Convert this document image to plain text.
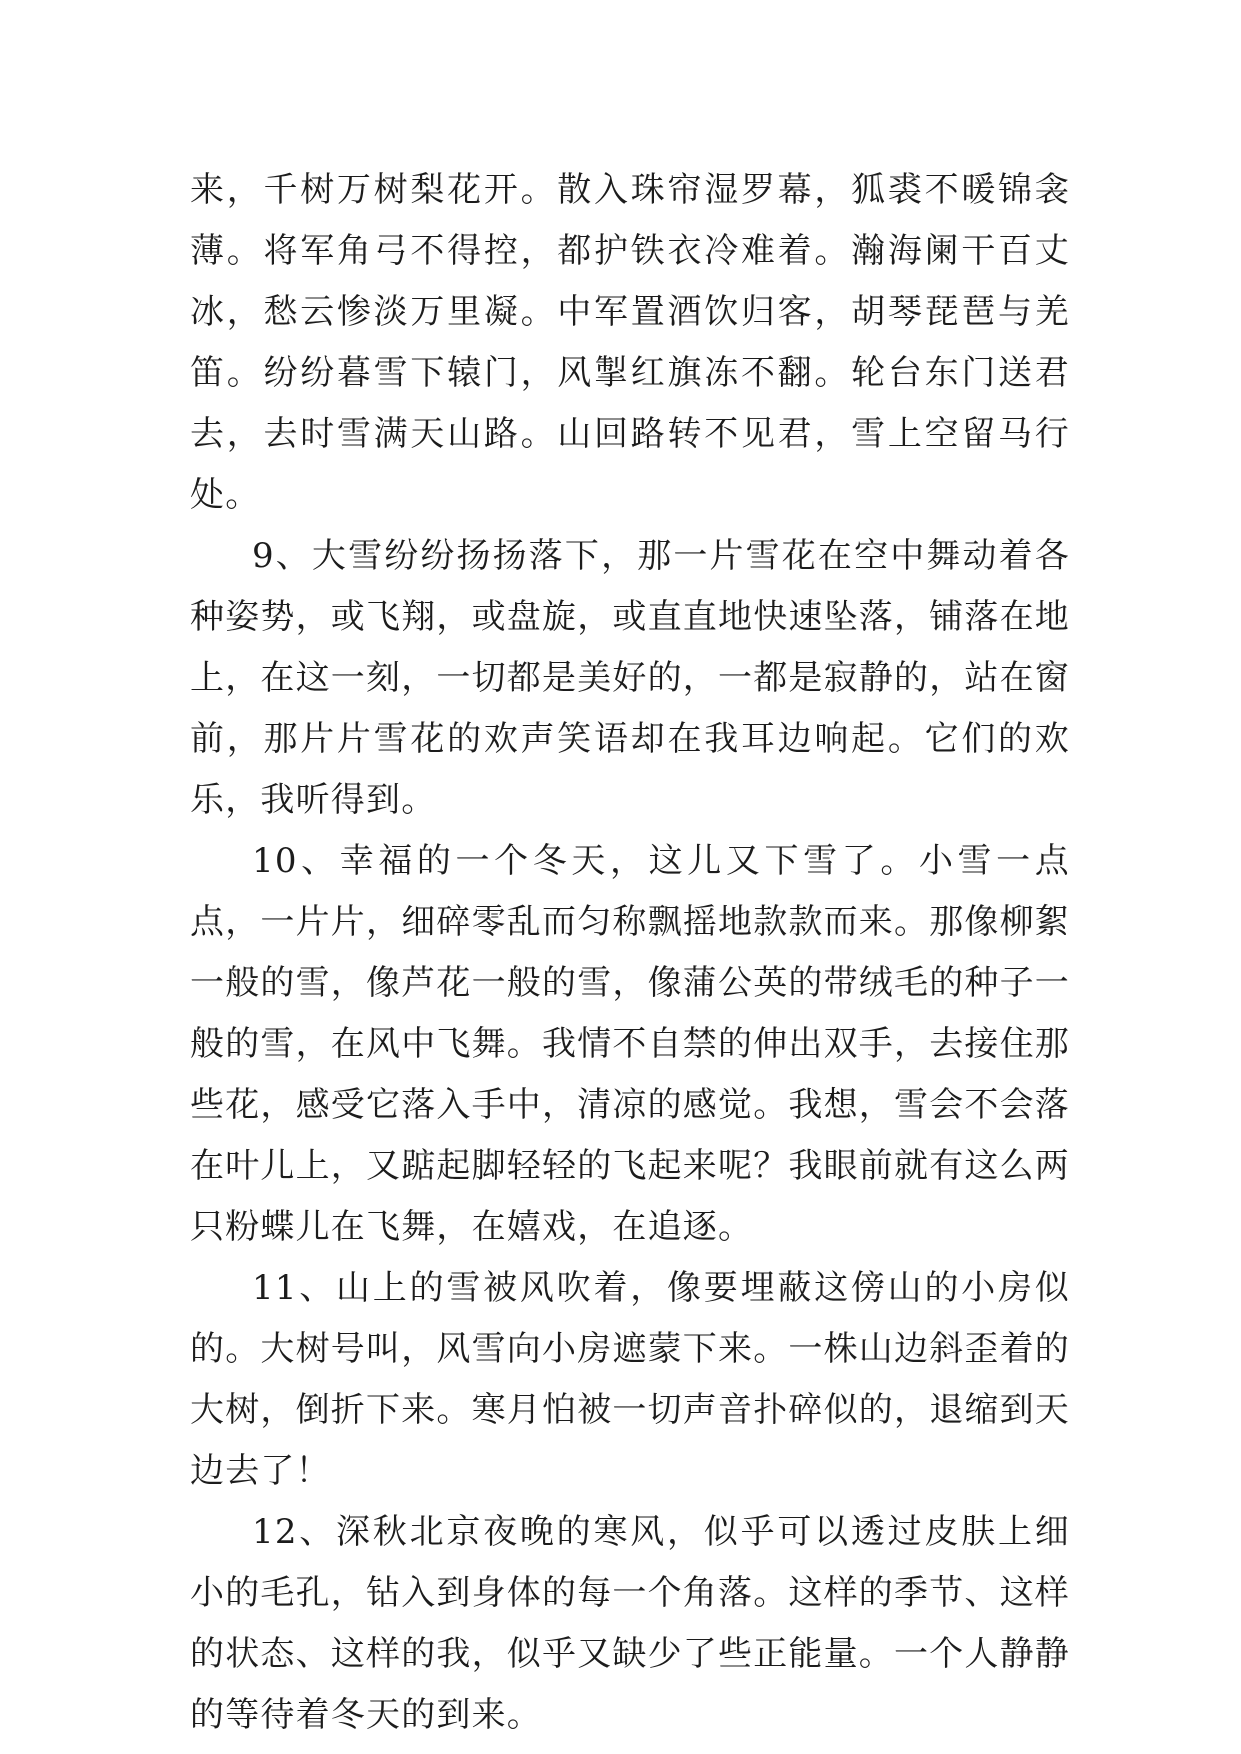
来，千树万树梨花开。散入珠帘湿罗幕，狐裘不暖锦衾薄。将军角弓不得控，都护铁衣冷难着。瀚海阑干百丈冰，愁云惨淡万里凝。中军置酒饮归客，胡琴琵琶与羌笛。纷纷暮雪下辕门，风掣红旗冻不翻。轮台东门送君去，去时雪满天山路。山回路转不见君，雪上空留马行处。

9、大雪纷纷扬扬落下，那一片雪花在空中舞动着各种姿势，或飞翔，或盘旋，或直直地快速坠落，铺落在地上，在这一刻，一切都是美好的，一都是寂静的，站在窗前，那片片雪花的欢声笑语却在我耳边响起。它们的欢乐，我听得到。

10、幸福的一个冬天，这儿又下雪了。小雪一点点，一片片，细碎零乱而匀称飘摇地款款而来。那像柳絮一般的雪，像芦花一般的雪，像蒲公英的带绒毛的种子一般的雪，在风中飞舞。我情不自禁的伸出双手，去接住那些花，感受它落入手中，清凉的感觉。我想，雪会不会落在叶儿上，又踮起脚轻轻的飞起来呢？我眼前就有这么两只粉蝶儿在飞舞，在嬉戏，在追逐。

11、山上的雪被风吹着，像要埋蔽这傍山的小房似的。大树号叫，风雪向小房遮蒙下来。一株山边斜歪着的大树，倒折下来。寒月怕被一切声音扑碎似的，退缩到天边去了！

12、深秋北京夜晚的寒风，似乎可以透过皮肤上细小的毛孔，钻入到身体的每一个角落。这样的季节、这样的状态、这样的我，似乎又缺少了些正能量。一个人静静的等待着冬天的到来。
